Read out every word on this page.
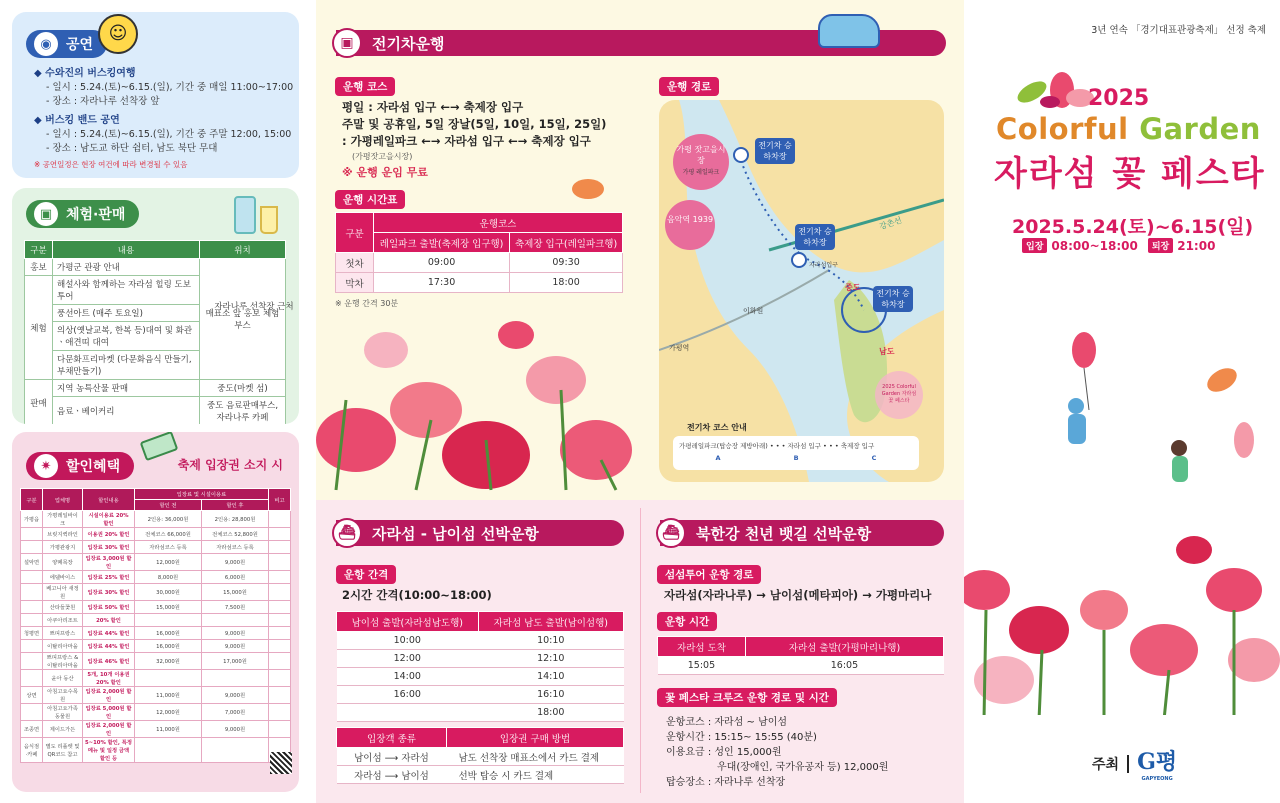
◉	공연
☺
◆ 수와진의 버스킹여행
- 일시 : 5.24.(토)~6.15.(일), 기간 중 매일 11:00~17:00
- 장소 : 자라나루 선착장 앞
◆ 버스킹 밴드 공연
- 일시 : 5.24.(토)~6.15.(일), 기간 중 주말 12:00, 15:00
- 장소 : 남도교 하단 쉼터, 남도 북단 무대
※ 공연일정은 현장 여건에 따라 변경될 수 있음
▣ 체험·판매
구분	내용	위치
홍보	가평군 관광 안내	매표소 앞 홍보 체험 부스
체험	해설사와 함께하는 자라섬 힐링 도보투어	
	풍선아트 (매주 토요일)	
	의상(옛날교복, 한복 등)대여 및 화관ㆍ애견띠 대여	
	다문화프리마켓 (다문화음식 만들기, 부채만들기)	
판매	지역 농특산물 판매	중도(마켓 섬)
	음료ㆍ베이커리	중도 음료판매부스, 자라나루 카페
자라나루 선착장 근처
✷	할인혜택	축제 입장권 소지 시
구분	업체명	할인내용	입장료 및 시설이용료		비고
			할인 전	할인 후	
가평읍	가평레일바이크	시설이용료 20% 할인	2인용: 36,000원	2인용: 28,800원	
	브릿지퀵라인	이용권 20% 할인	전체코스 66,000원	전체코스 52,800원	
	가평관광지	입장료 30% 할인	자라섬코스 등록	자라섬코스 등록	
설악면	양떼목장	입장료 3,000원 할인	12,000원	9,000원	
	에델바이스	입장료 25% 할인	8,000원	6,000원	
	베고니아 새정원	입장료 30% 할인	30,000원	15,000원	
	산타들꽃원	입장료 50% 할인	15,000원	7,500원	
	아쿠아리조트	20% 할인			
청평면	쁘띠프랑스	입장료 44% 할인	16,000원	9,000원	
	이탈리아마을	입장료 44% 할인	16,000원	9,000원	
	쁘띠프랑스 & 이탈리아마을	입장료 46% 할인	32,000원	17,000원	
	윤아 동산	5개, 10개 이용권 20% 할인			
상면	아침고요수목원	입장료 2,000원 할인	11,000원	9,000원	
	아침고요가족동물원	입장료 5,000원 할인	12,000원	7,000원	
조종면	제이드가든	입장료 2,000원 할인	11,000원	9,000원	
음식점·카페	별도 리플렛 및 QR코드 참고	5~10% 할인, 특정 메뉴 및 일정 금액 할인 등			
▣	전기차운행
운행 코스
평일 : 자라섬 입구 ←→ 축제장 입구
주말 및 공휴일, 5일 장날(5일, 10일, 15일, 25일)
: 가평레일파크 ←→ 자라섬 입구 ←→ 축제장 입구
(가평잣고을시장)
※ 운행 운임 무료
운행 시간표
구분	운행코스	
	레일파크 출발(축제장 입구행)	축제장 입구(레일파크행)
첫차	09:00	09:30
막차	17:30	18:00
※ 운행 간격 30분
운행 경로
가평 잣고을시장
가평 레일파크
전기차 승하차장
음악역 1939
전기차 승하차장
전기차 승하차장
강촌선
자라섬입구
중도
남도
이화원
가평역
2025 Colorful Garden 자라섬 꽃 페스타
전기차 코스 안내
가평레일파크(탑승장 제방아래) • • • 자라섬 입구 • • • 축제장 입구
A	B	C
⛴	자라섬 - 남이섬 선박운항
운항 간격
2시간 간격(10:00~18:00)
남이섬 출발(자라섬남도행)	자라섬 남도 출발(남이섬행)
10:00	10:10
12:00	12:10
14:00	14:10
16:00	16:10
	18:00
입장객 종류	입장권 구매 방법
남이섬 ⟶ 자라섬	남도 선착장 매표소에서 카드 결제
자라섬 ⟶ 남이섬	선박 탑승 시 카드 결제
⛴	북한강 천년 뱃길 선박운항
섬섬투어 운항 경로
자라섬(자라나루) → 남이섬(메타피아) → 가평마리나
운항 시간
자라섬 도착	자라섬 출발(가평마리나행)
15:05	16:05
꽃 페스타 크루즈 운항 경로 및 시간
운항코스 : 자라섬 ~ 남이섬
운항시간 : 15:15~ 15:55 (40분)
이용요금 : 성인 15,000원
우대(장애인, 국가유공자 등) 12,000원
탑승장소 : 자라나루 선착장
3년 연속 「경기대표관광축제」 선정 축제
2025
Colorful Garden
자라섬 꽃 페스타
2025.5.24(토)~6.15(일)
입장 08:00~18:00	퇴장 21:00
주최 G평
GAPYEONG
